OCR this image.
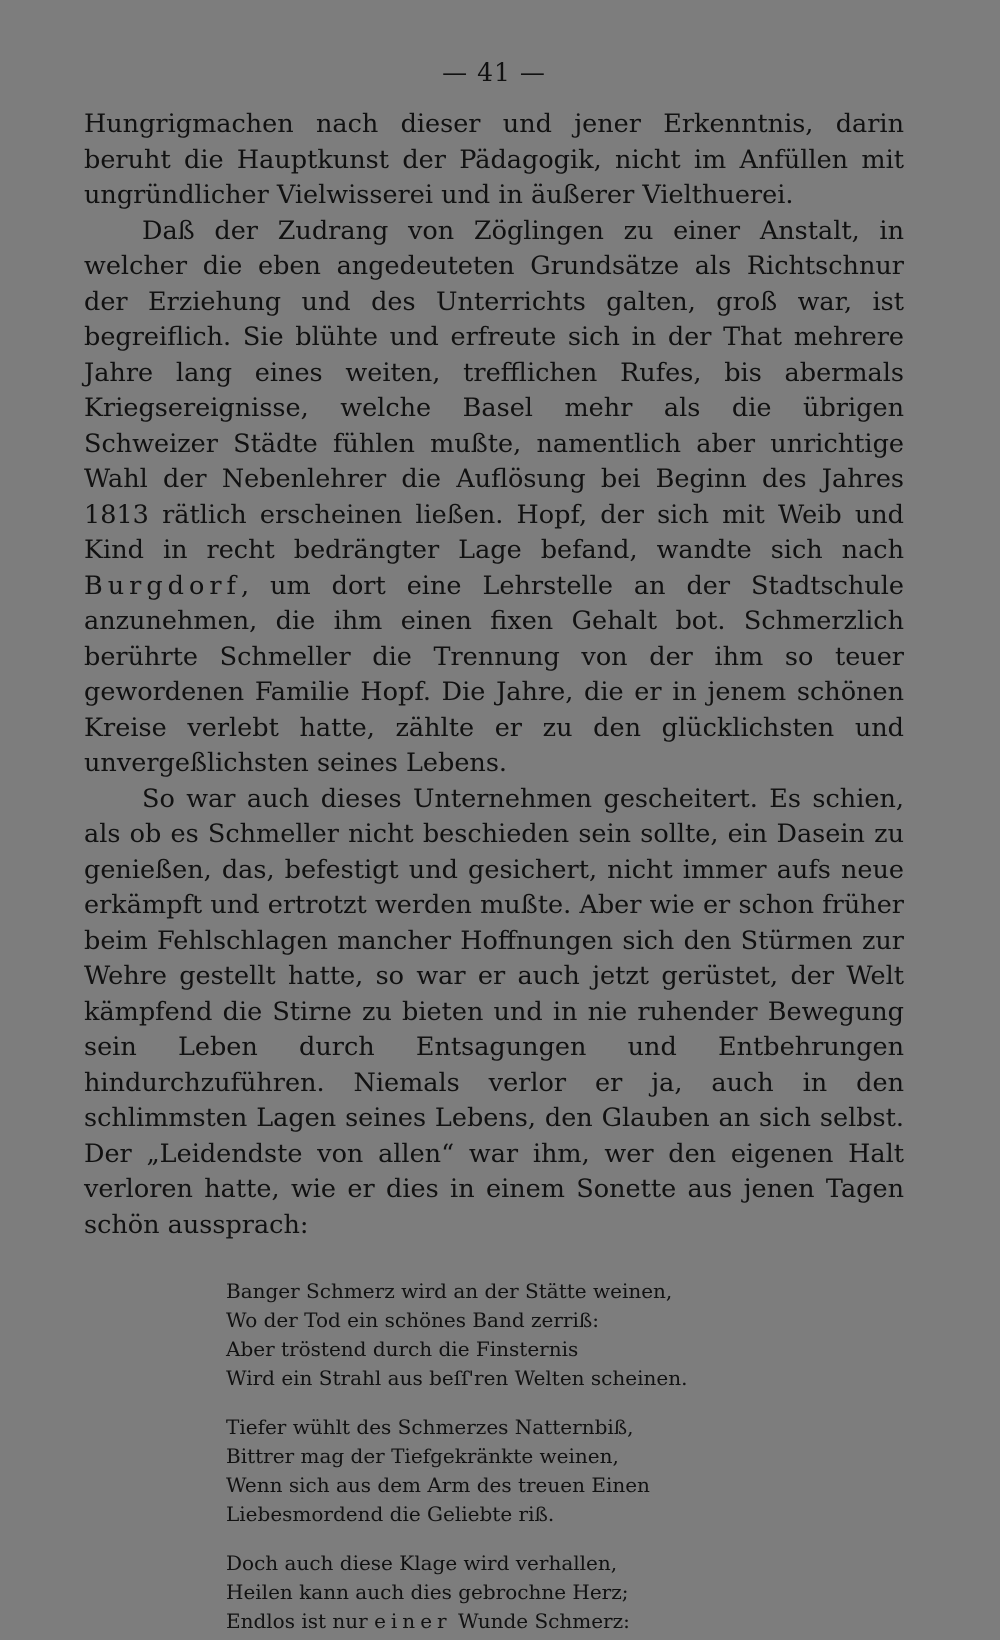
— 41 —

Hungrigmachen nach dieser und jener Erkenntnis, darin beruht die Hauptkunst der Pädagogik, nicht im Anfüllen mit ungründlicher Vielwisserei und in äußerer Vielthuerei.

Daß der Zudrang von Zöglingen zu einer Anstalt, in welcher die eben angedeuteten Grundsätze als Richtschnur der Erziehung und des Unterrichts galten, groß war, ist begreiflich. Sie blühte und erfreute sich in der That mehrere Jahre lang eines weiten, trefflichen Rufes, bis abermals Kriegsereignisse, welche Basel mehr als die übrigen Schweizer Städte fühlen mußte, namentlich aber unrichtige Wahl der Nebenlehrer die Auflösung bei Beginn des Jahres 1813 rätlich erscheinen ließen. Hopf, der sich mit Weib und Kind in recht bedrängter Lage befand, wandte sich nach Burgdorf, um dort eine Lehrstelle an der Stadtschule anzunehmen, die ihm einen fixen Gehalt bot. Schmerzlich berührte Schmeller die Trennung von der ihm so teuer gewordenen Familie Hopf. Die Jahre, die er in jenem schönen Kreise verlebt hatte, zählte er zu den glücklichsten und unvergeßlichsten seines Lebens.

So war auch dieses Unternehmen gescheitert. Es schien, als ob es Schmeller nicht beschieden sein sollte, ein Dasein zu genießen, das, befestigt und gesichert, nicht immer aufs neue erkämpft und ertrotzt werden mußte. Aber wie er schon früher beim Fehlschlagen mancher Hoffnungen sich den Stürmen zur Wehre gestellt hatte, so war er auch jetzt gerüstet, der Welt kämpfend die Stirne zu bieten und in nie ruhender Bewegung sein Leben durch Entsagungen und Entbehrungen hindurchzuführen. Niemals verlor er ja, auch in den schlimmsten Lagen seines Lebens, den Glauben an sich selbst. Der „Leidendste von allen“ war ihm, wer den eigenen Halt verloren hatte, wie er dies in einem Sonette aus jenen Tagen schön aussprach:

Banger Schmerz wird an der Stätte weinen,
Wo der Tod ein schönes Band zerriß:
Aber tröstend durch die Finsternis
Wird ein Strahl aus beſſ'ren Welten scheinen.
Tiefer wühlt des Schmerzes Natternbiß,
Bittrer mag der Tiefgekränkte weinen,
Wenn sich aus dem Arm des treuen Einen
Liebesmordend die Geliebte riß.
Doch auch diese Klage wird verhallen,
Heilen kann auch dies gebrochne Herz;
Endlos ist nur einer Wunde Schmerz:
